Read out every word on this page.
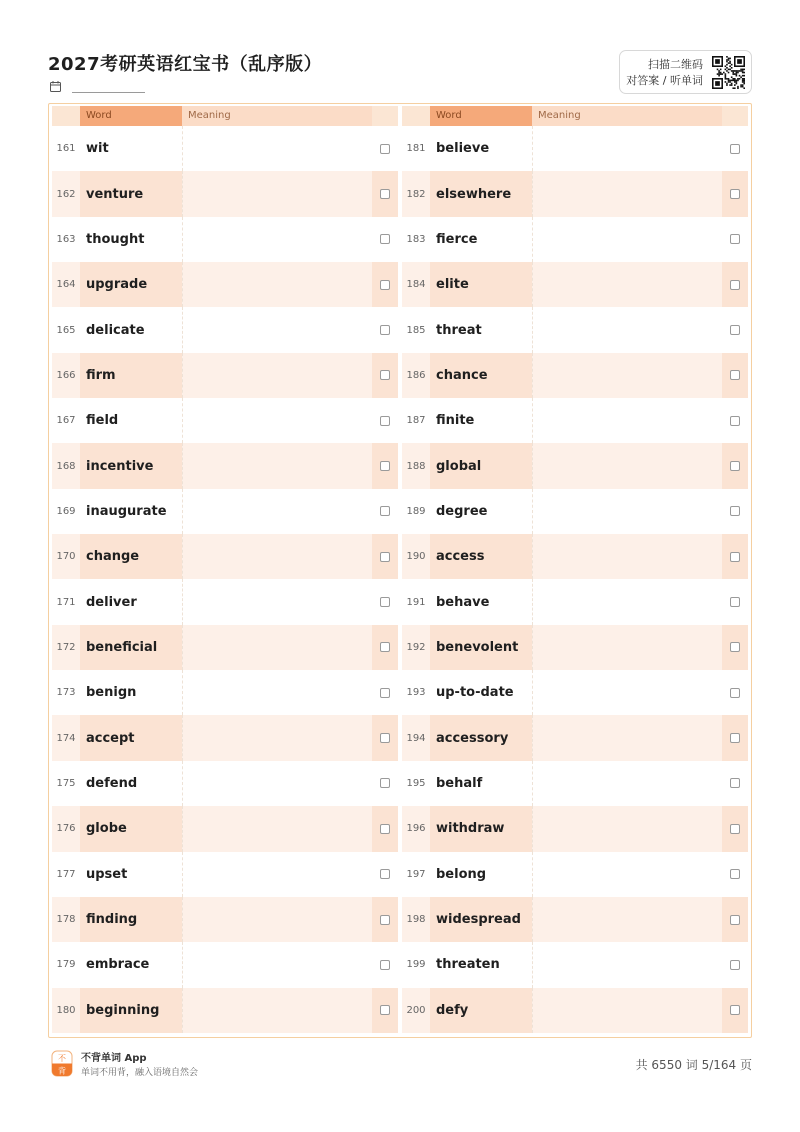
2027考研英语红宝书（乱序版）	扫描二维码
对答案 / 听单词
Word	Meaning
161 wit
162 venture
163 thought
164 upgrade
165 delicate
166 firm
167 field
168 incentive
169 inaugurate
170 change
171 deliver
172 beneficial
173 benign
174 accept
175 defend
176 globe
177 upset
178 finding
179 embrace
180 beginning
Word	Meaning
181 believe
182 elsewhere
183 fierce
184 elite
185 threat
186 chance
187 finite
188 global
189 degree
190 access
191 behave
192 benevolent
193 up-to-date
194 accessory
195 behalf
196 withdraw
197 belong
198 widespread
199 threaten
200 defy
不
背
不背单词 App
单词不用背，融入语境自然会
共 6550 词 5/164 页
